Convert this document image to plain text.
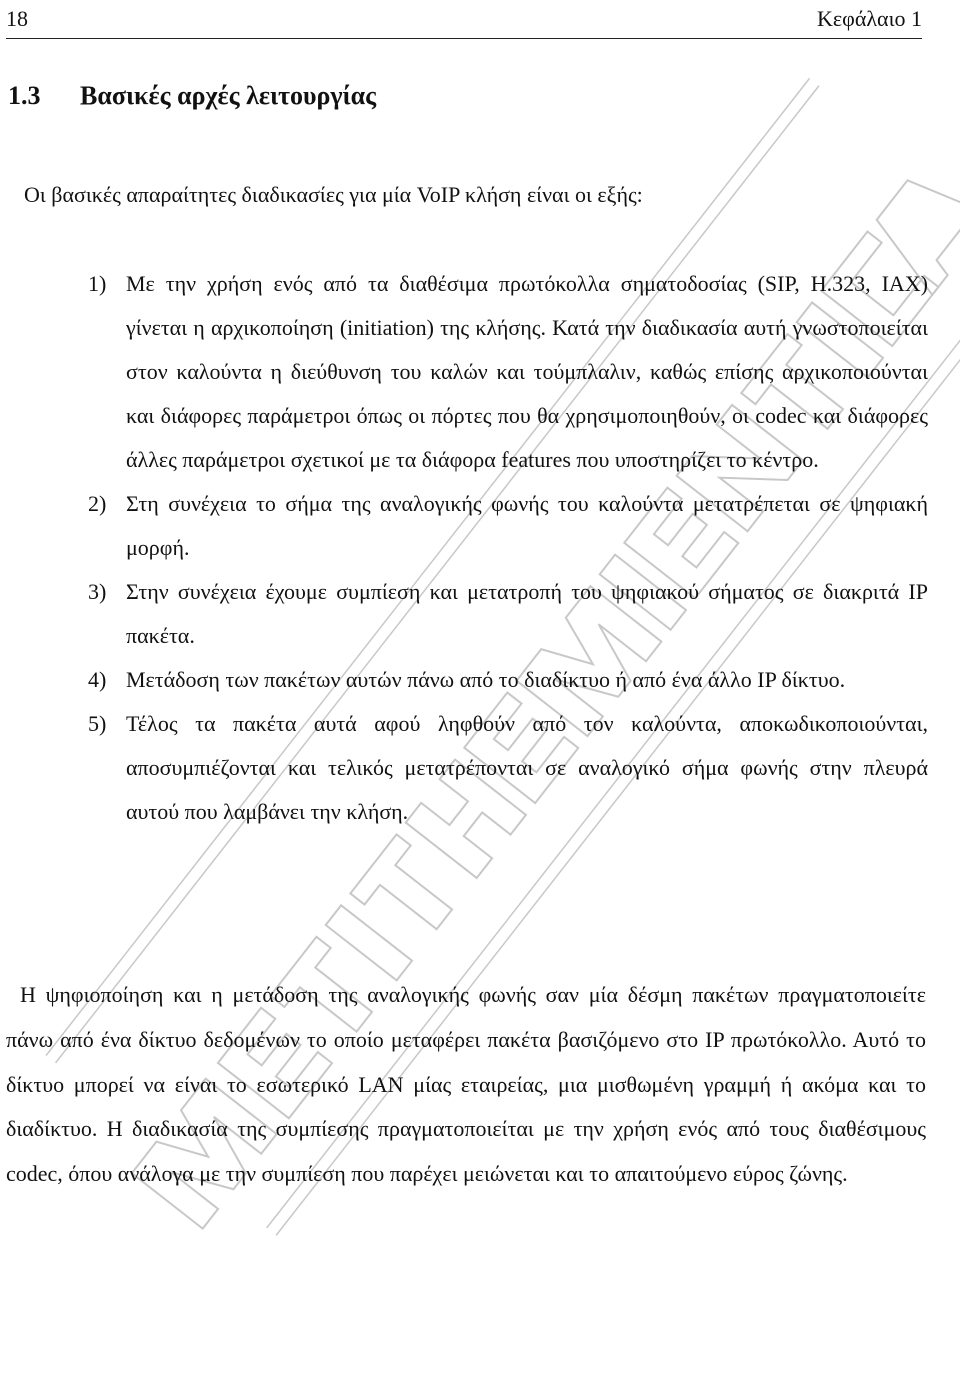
18	Κεφάλαιο 1
1.3 Βασικές αρχές λειτουργίας
Οι βασικές απαραίτητες διαδικασίες για μία VoIP κλήση είναι οι εξής:
1) Με την χρήση ενός από τα διαθέσιμα πρωτόκολλα σηματοδοσίας (SIP, H.323, IAX) γίνεται η αρχικοποίηση (initiation) της κλήσης. Κατά την διαδικασία αυτή γνωστοποιείται στον καλούντα η διεύθυνση του καλών και τούμπλαλιν, καθώς επίσης αρχικοποιούνται και διάφορες παράμετροι όπως οι πόρτες που θα χρησιμοποιηθούν, οι codec και διάφορες άλλες παράμετροι σχετικοί με τα διάφορα features που υποστηρίζει το κέντρο.
2) Στη συνέχεια το σήμα της αναλογικής φωνής του καλούντα μετατρέπεται σε ψηφιακή μορφή.
3) Στην συνέχεια έχουμε συμπίεση και μετατροπή του ψηφιακού σήματος σε διακριτά IP πακέτα.
4) Μετάδοση των πακέτων αυτών πάνω από το διαδίκτυο ή από ένα άλλο IP δίκτυο.
5) Τέλος τα πακέτα αυτά αφού ληφθούν από τον καλούντα, αποκωδικοποιούνται, αποσυμπιέζονται και τελικός μετατρέπονται σε αναλογικό σήμα φωνής στην πλευρά αυτού που λαμβάνει την κλήση.

Η ψηφιοποίηση και η μετάδοση της αναλογικής φωνής σαν μία δέσμη πακέτων πραγματοποιείτε πάνω από ένα δίκτυο δεδομένων το οποίο μεταφέρει πακέτα βασιζόμενο στο IP πρωτόκολλο. Αυτό το δίκτυο μπορεί να είναι το εσωτερικό LAN μίας εταιρείας, μια μισθωμένη γραμμή ή ακόμα και το διαδίκτυο. Η διαδικασία της συμπίεσης πραγματοποιείται με την χρήση ενός από τους διαθέσιμους codec, όπου ανάλογα με την συμπίεση που παρέχει μειώνεται και το απαιτούμενο εύρος ζώνης.
